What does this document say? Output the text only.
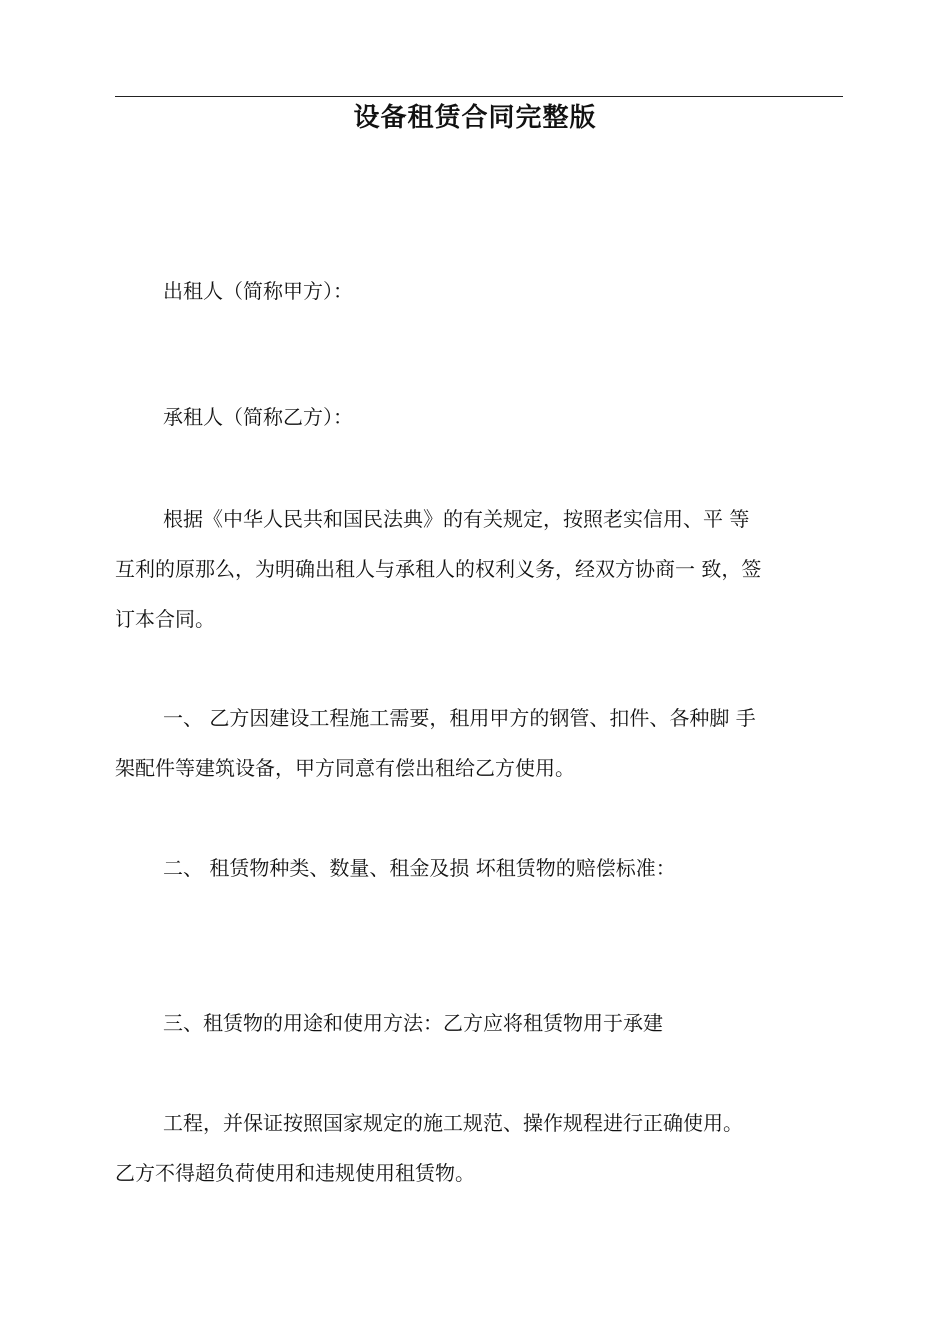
设备租赁合同完整版

出租人（简称甲方）：

承租人（简称乙方）：

根据《中华人民共和国民法典》的有关规定，按照老实信用、平 等
互利的原那么，为明确出租人与承租人的权利义务，经双方协商一 致，签
订本合同。
一、 乙方因建设工程施工需要，租用甲方的钢管、扣件、各种脚 手
架配件等建筑设备，甲方同意有偿出租给乙方使用。

二、 租赁物种类、数量、租金及损 坏租赁物的赔偿标准：

三、租赁物的用途和使用方法：乙方应将租赁物用于承建

工程，并保证按照国家规定的施工规范、操作规程进行正确使用。
乙方不得超负荷使用和违规使用租赁物。
